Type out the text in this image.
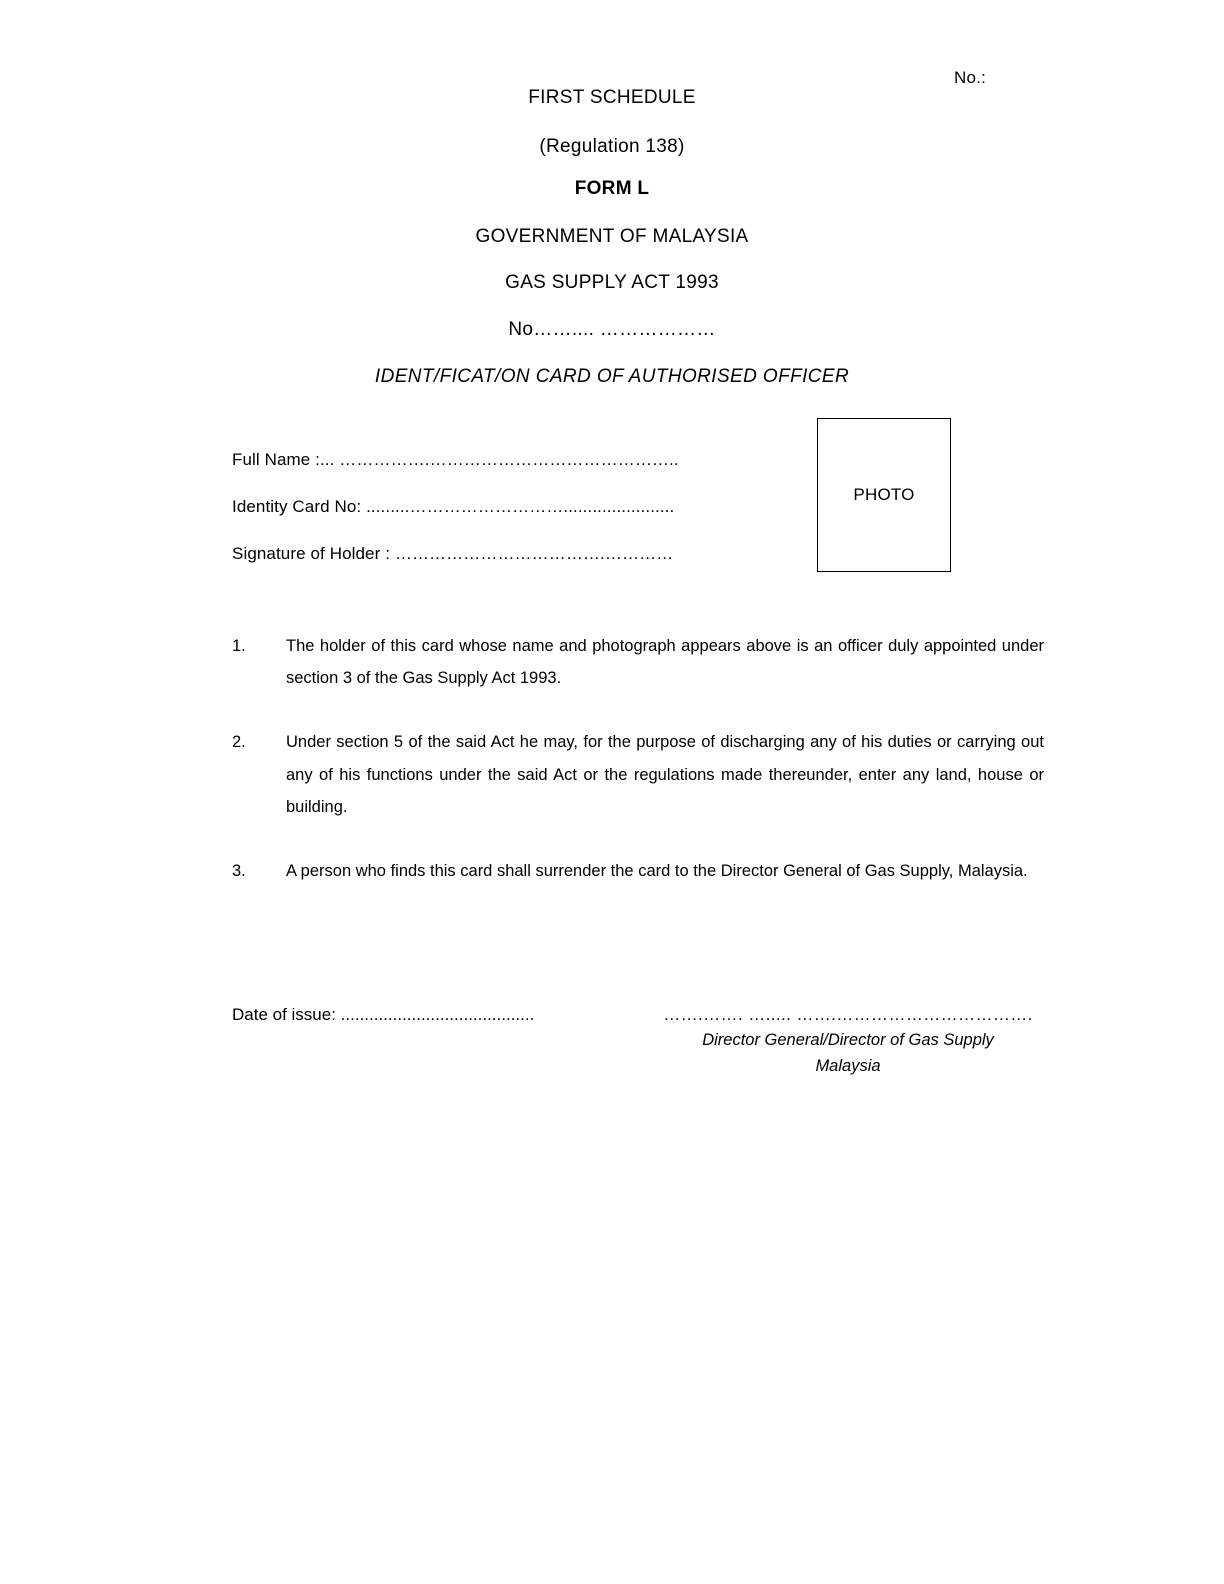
No.:
FIRST SCHEDULE
(Regulation 138)
FORM L
GOVERNMENT OF MALAYSIA
GAS SUPPLY ACT 1993
No…….... ………………
IDENT/FICAT/ON CARD OF AUTHORISED OFFICER
Full Name :... …………….……………………………………..
Identity Card No: .........……………………….......................
Signature of Holder : ……………………………….…………
PHOTO
1.	The holder of this card whose name and photograph appears above is an officer duly appointed under section 3 of the Gas Supply Act 1993.
2.	Under section 5 of the said Act he may, for the purpose of discharging any of his duties or carrying out any of his functions under the said Act or the regulations made thereunder, enter any land, house or building.
3.	A person who finds this card shall surrender the card to the Director General of Gas Supply, Malaysia.
Date of issue: .........................................	…….……. …..... …….…………………………….
Director General/Director of Gas Supply
Malaysia
